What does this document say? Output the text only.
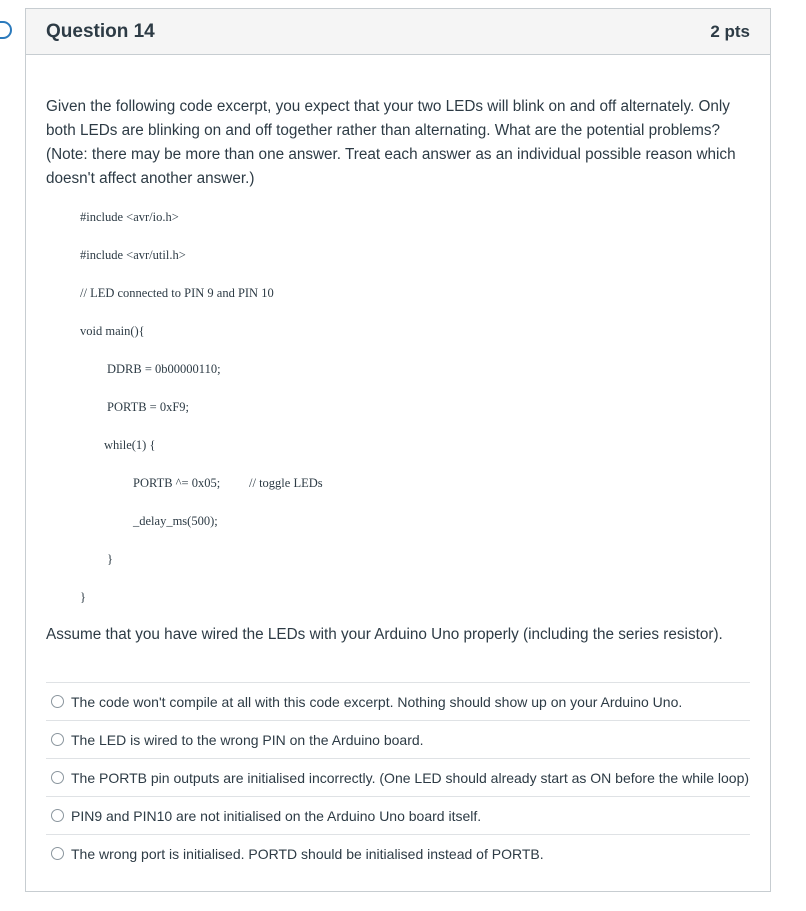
Question 14	2 pts

Given the following code excerpt, you expect that your two LEDs will blink on and off alternately. Only both LEDs are blinking on and off together rather than alternating. What are the potential problems? (Note: there may be more than one answer. Treat each answer as an individual possible reason which doesn't affect another answer.)

#include <avr/io.h>
#include <avr/util.h>
// LED connected to PIN 9 and PIN 10
void main(){
DDRB = 0b00000110;
PORTB = 0xF9;
while(1) {
PORTB ^= 0x05; // toggle LEDs
_delay_ms(500);
}
}

Assume that you have wired the LEDs with your Arduino Uno properly (including the series resistor).

The code won't compile at all with this code excerpt. Nothing should show up on your Arduino Uno.
The LED is wired to the wrong PIN on the Arduino board.
The PORTB pin outputs are initialised incorrectly. (One LED should already start as ON before the while loop)
PIN9 and PIN10 are not initialised on the Arduino Uno board itself.
The wrong port is initialised. PORTD should be initialised instead of PORTB.
